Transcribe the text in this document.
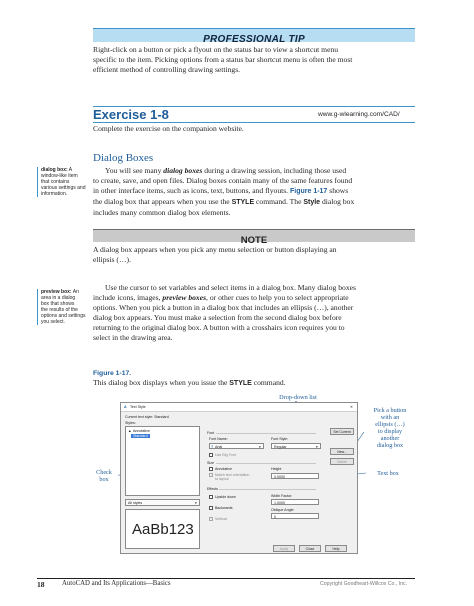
PROFESSIONAL TIP
Right-click on a button or pick a flyout on the status bar to view a shortcut menu
specific to the item. Picking options from a status bar shortcut menu is often the most
efficient method of controlling drawing settings.
Exercise 1-8	www.g-wlearning.com/CAD/
Complete the exercise on the companion website.
Dialog Boxes
dialog box: A
window-like item
that contains
various settings and
information.
You will see many dialog boxes during a drawing session, including those used
to create, save, and open files. Dialog boxes contain many of the same features found
in other interface items, such as icons, text, buttons, and flyouts. Figure 1-17 shows
the dialog box that appears when you use the STYLE command. The Style dialog box
includes many common dialog box elements.
NOTE
A dialog box appears when you pick any menu selection or button displaying an
ellipsis (…).
preview box: An
area in a dialog
box that shows
the results of the
options and settings
you select.
Use the cursor to set variables and select items in a dialog box. Many dialog boxes
include icons, images, preview boxes, or other cues to help you to select appropriate
options. When you pick a button in a dialog box that includes an ellipsis (…), another
dialog box appears. You must make a selection from the second dialog box before
returning to the original dialog box. A button with a crosshairs icon requires you to
select in the drawing area.
Figure 1-17.
This dialog box displays when you issue the STYLE command.
Drop-down list
Pick a button
with an
ellipsis (…)
to display
another
dialog box
Text box
Check
box
A Text Style	✕
Current text style: Standard
Styles:
▲ Annotative
Standard
All styles	▾
AaBb123
Font
Font Name:
Ŧ Arial	▾
Font Style:
Regular	▾
Use Big Font
Size
Annotative
Match text orientation
to layout
Height
0.0000
Effects
Upside down
Backwards
Vertical
Width Factor:
1.0000
Oblique Angle:
0
Set Current
New...
Delete
Apply	Close	Help
18	AutoCAD and Its Applications—Basics	Copyright Goodheart-Willcox Co., Inc.
